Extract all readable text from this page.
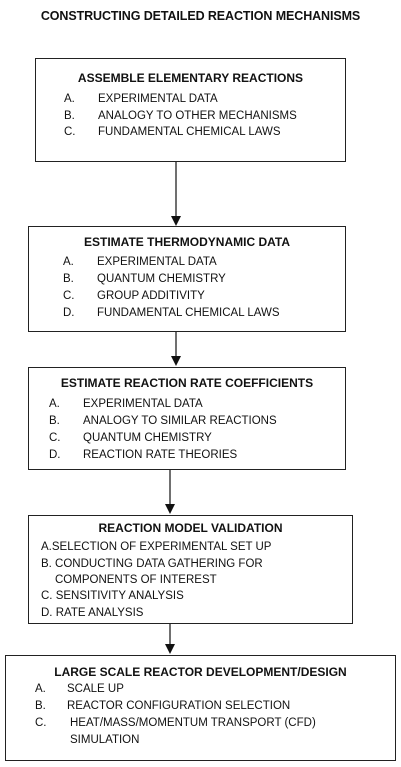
CONSTRUCTING DETAILED REACTION MECHANISMS
ASSEMBLE ELEMENTARY REACTIONS
A. EXPERIMENTAL DATA
B. ANALOGY TO OTHER MECHANISMS
C. FUNDAMENTAL CHEMICAL LAWS
ESTIMATE THERMODYNAMIC DATA
A. EXPERIMENTAL DATA
B. QUANTUM CHEMISTRY
C. GROUP ADDITIVITY
D. FUNDAMENTAL CHEMICAL LAWS
ESTIMATE REACTION RATE COEFFICIENTS
A. EXPERIMENTAL DATA
B. ANALOGY TO SIMILAR REACTIONS
C. QUANTUM CHEMISTRY
D. REACTION RATE THEORIES
REACTION MODEL VALIDATION
A.SELECTION OF EXPERIMENTAL SET UP
B. CONDUCTING DATA GATHERING FOR
COMPONENTS OF INTEREST
C. SENSITIVITY ANALYSIS
D. RATE ANALYSIS
LARGE SCALE REACTOR DEVELOPMENT/DESIGN
A. SCALE UP
B. REACTOR CONFIGURATION SELECTION
C. HEAT/MASS/MOMENTUM TRANSPORT (CFD)
SIMULATION
